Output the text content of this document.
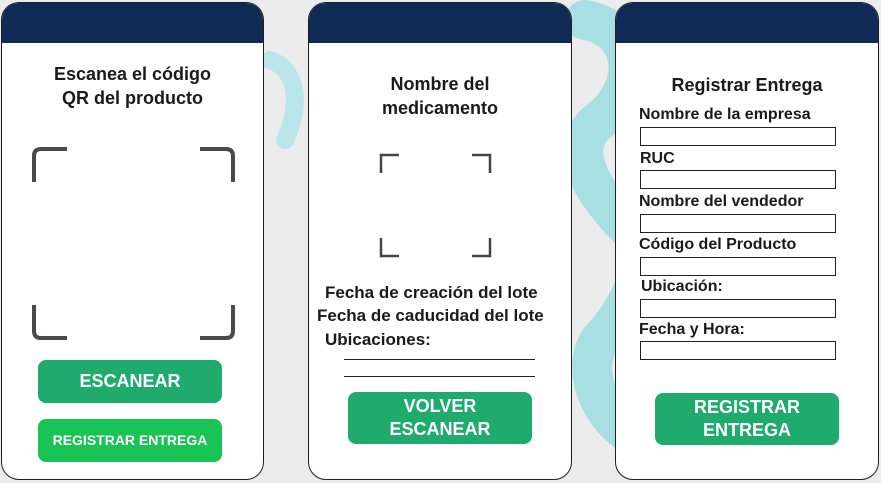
Escanea el código
QR del producto
ESCANEAR
REGISTRAR ENTREGA
Nombre del
medicamento
Fecha de creación del lote
Fecha de caducidad del lote
Ubicaciones:
VOLVER
ESCANEAR
Registrar Entrega
Nombre de la empresa
RUC
Nombre del vendedor
Código del Producto
Ubicación:
Fecha y Hora:
REGISTRAR
ENTREGA
